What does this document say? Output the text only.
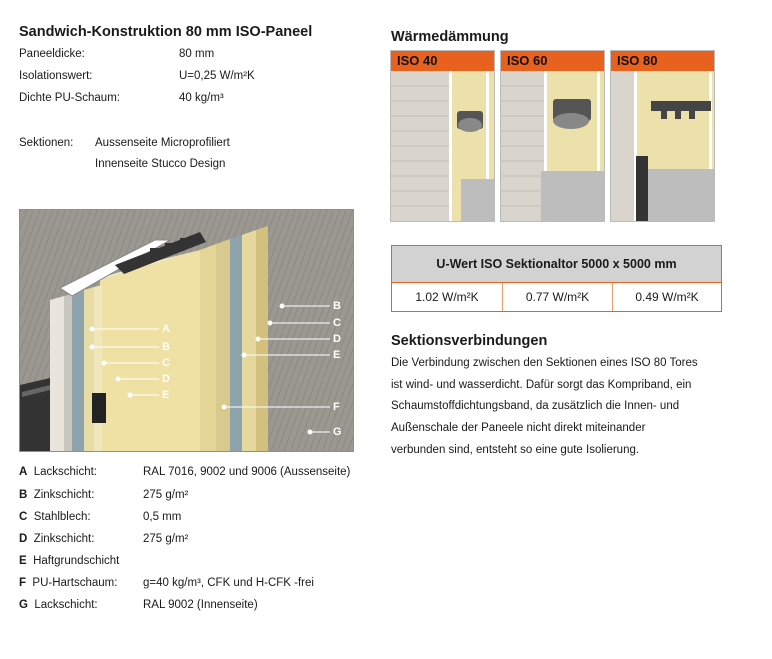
Sandwich-Konstruktion 80 mm ISO-Paneel
Paneeldicke:	80 mm
Isolationswert:	U=0,25 W/m²K
Dichte PU-Schaum:	40 kg/m³
Sektionen: Aussenseite Microprofiliert
Innenseite Stucco Design
A
B
C
D
E
B
C
D
E
F
G
A Lackschicht:	RAL 7016, 9002 und 9006 (Aussenseite)
B Zinkschicht:	275 g/m²
C Stahlblech:	0,5 mm
D Zinkschicht:	275 g/m²
E Haftgrundschicht
F PU-Hartschaum:	g=40 kg/m³, CFK und H-CFK -frei
G Lackschicht:	RAL 9002 (Innenseite)
Wärmedämmung
ISO 40	ISO 60	ISO 80
U-Wert ISO Sektionaltor 5000 x 5000 mm
1.02 W/m²K	0.77 W/m²K	0.49 W/m²K
Sektionsverbindungen
Die Verbindung zwischen den Sektionen eines ISO 80 Tores
ist wind- und wasserdicht. Dafür sorgt das Kompriband, ein
Schaumstoffdichtungsband, da zusätzlich die Innen- und
Außenschale der Paneele nicht direkt miteinander
verbunden sind, entsteht so eine gute Isolierung.
